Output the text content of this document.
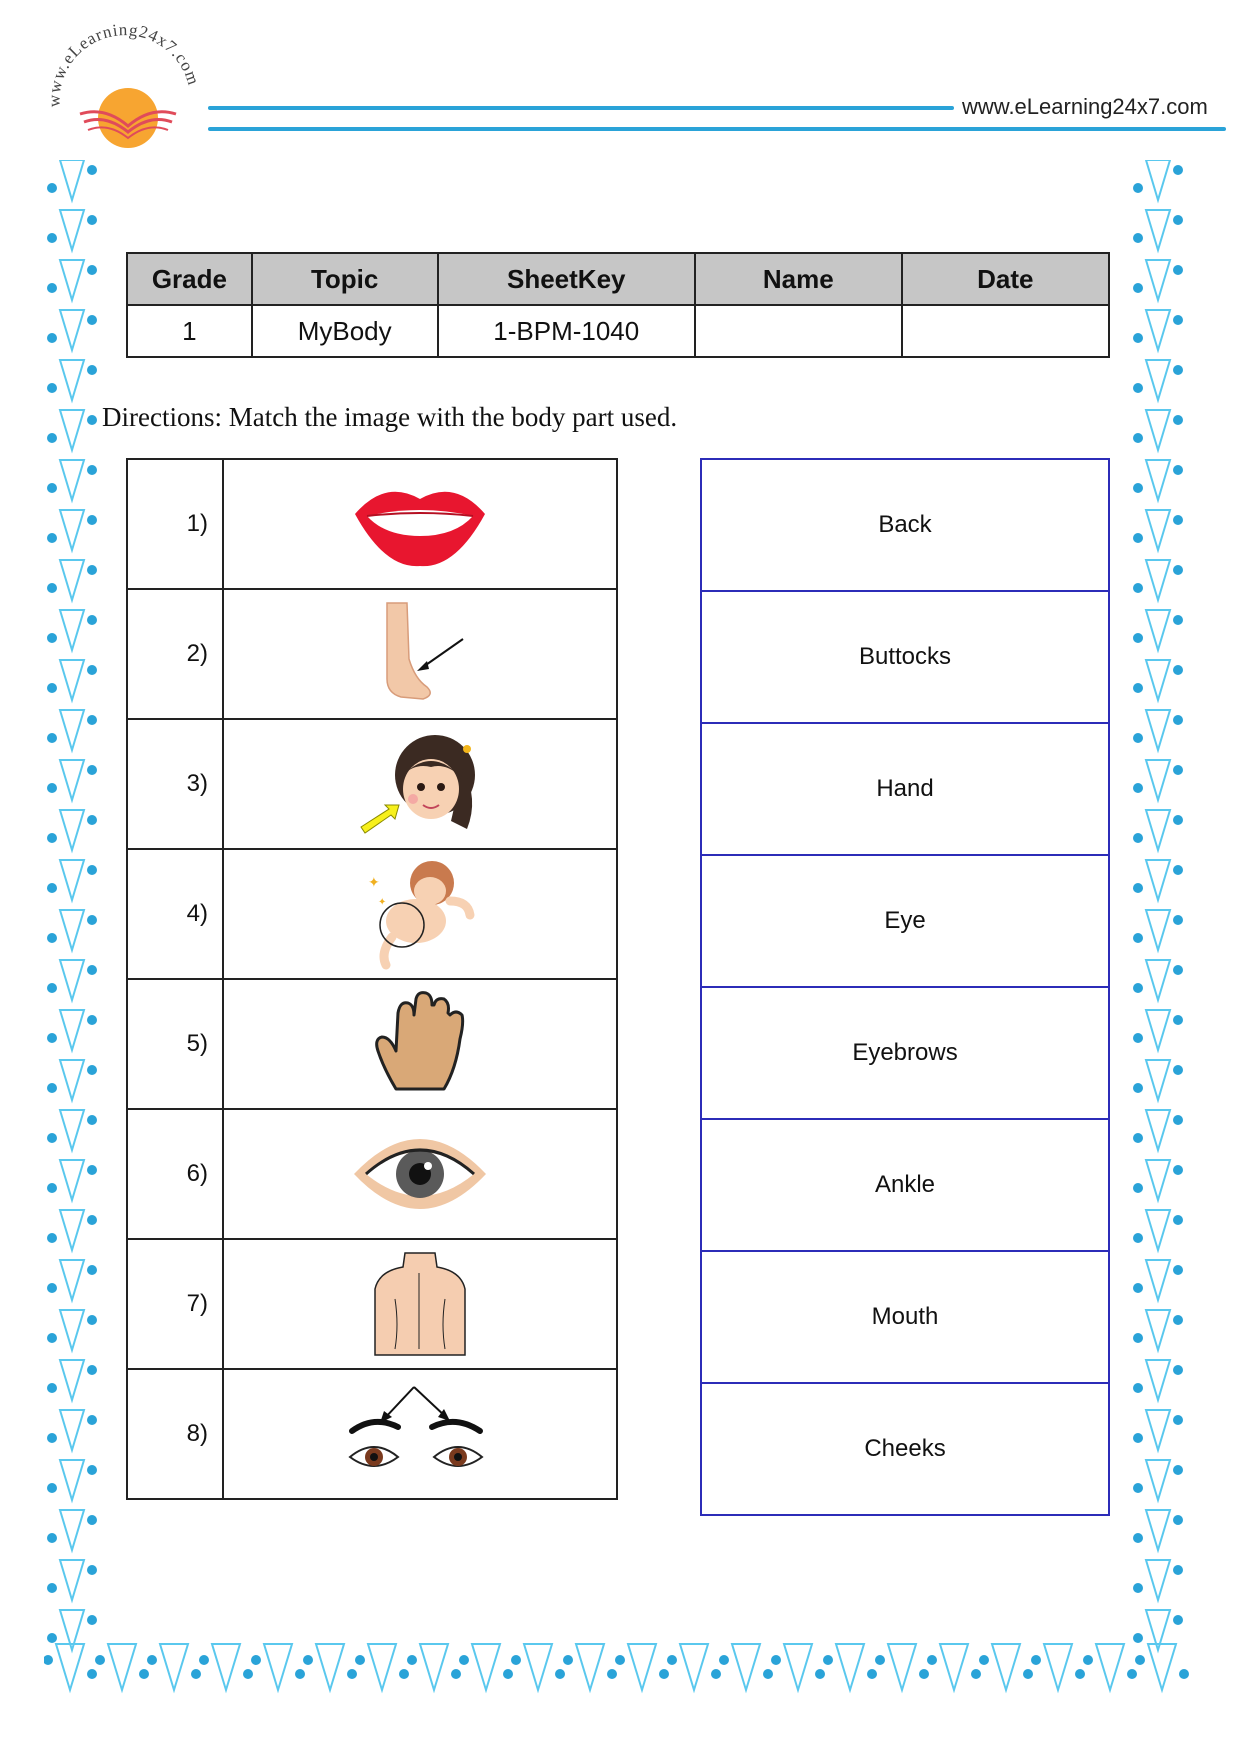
www.eLearning24x7.com
www.eLearning24x7.com
Grade	Topic	SheetKey	Name	Date
1	MyBody	1-BPM-1040		
Directions: Match the image with the body part used.
1)	

2)	

3)	

4)	✦
✦

5)	

6)	

7)	

8)	
Back
Buttocks
Hand
Eye
Eyebrows
Ankle
Mouth
Cheeks
